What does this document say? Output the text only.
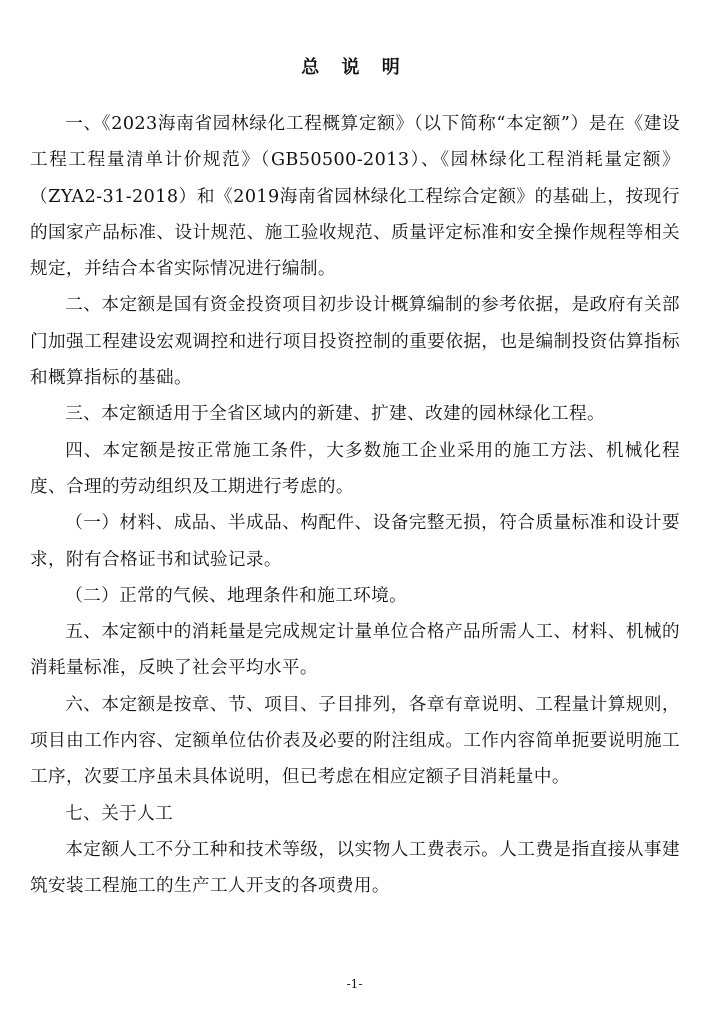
总 说 明

一、《2023海南省园林绿化工程概算定额》（以下简称“本定额”）是在《建设工程工程量清单计价规范》（GB50500-2013）、《园林绿化工程消耗量定额》（ZYA2-31-2018）和《2019海南省园林绿化工程综合定额》的基础上，按现行的国家产品标准、设计规范、施工验收规范、质量评定标准和安全操作规程等相关规定，并结合本省实际情况进行编制。

二、本定额是国有资金投资项目初步设计概算编制的参考依据，是政府有关部门加强工程建设宏观调控和进行项目投资控制的重要依据，也是编制投资估算指标和概算指标的基础。

三、本定额适用于全省区域内的新建、扩建、改建的园林绿化工程。

四、本定额是按正常施工条件，大多数施工企业采用的施工方法、机械化程度、合理的劳动组织及工期进行考虑的。

（一）材料、成品、半成品、构配件、设备完整无损，符合质量标准和设计要求，附有合格证书和试验记录。

（二）正常的气候、地理条件和施工环境。

五、本定额中的消耗量是完成规定计量单位合格产品所需人工、材料、机械的消耗量标准，反映了社会平均水平。

六、本定额是按章、节、项目、子目排列，各章有章说明、工程量计算规则，项目由工作内容、定额单位估价表及必要的附注组成。工作内容简单扼要说明施工工序，次要工序虽未具体说明，但已考虑在相应定额子目消耗量中。

七、关于人工

本定额人工不分工种和技术等级，以实物人工费表示。人工费是指直接从事建筑安装工程施工的生产工人开支的各项费用。

-1-
